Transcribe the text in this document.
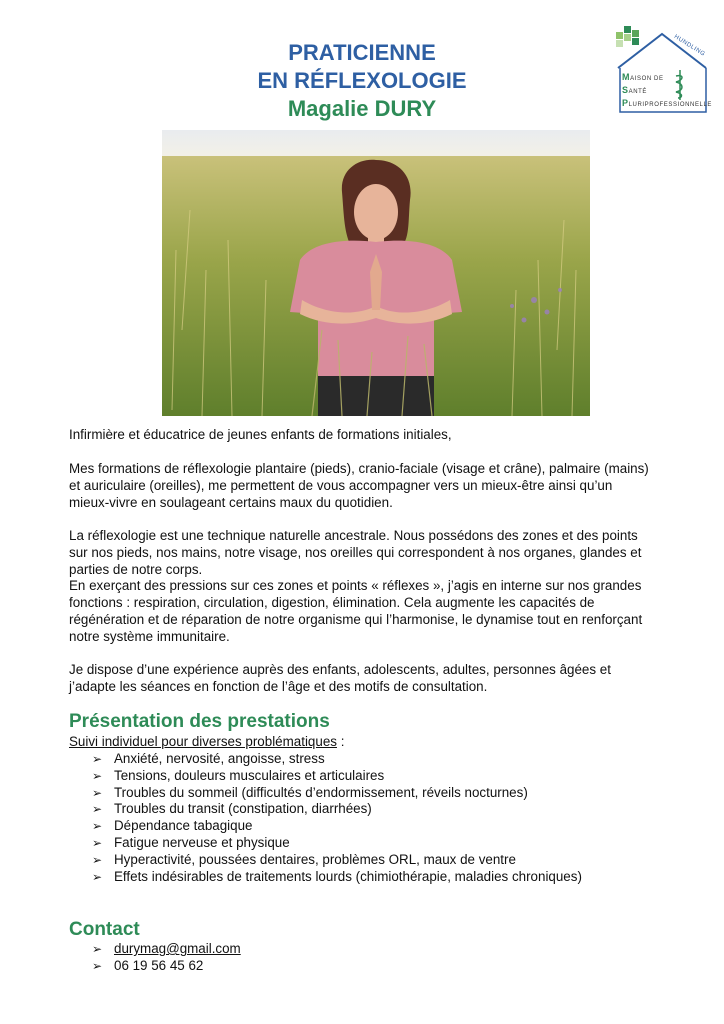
PRATICIENNE
EN RÉFLEXOLOGIE
Magalie DURY
HUNDLING
MAISON DE
SANTÉ
PLURIPROFESSIONNELLE

Infirmière et éducatrice de jeunes enfants de formations initiales,

Mes formations de réflexologie plantaire (pieds), cranio-faciale (visage et crâne), palmaire (mains) et auriculaire (oreilles), me permettent de vous accompagner vers un mieux-être ainsi qu’un mieux-vivre en soulageant certains maux du quotidien.

La réflexologie est une technique naturelle ancestrale. Nous possédons des zones et des points sur nos pieds, nos mains, notre visage, nos oreilles qui correspondent à nos organes, glandes et parties de notre corps.
En exerçant des pressions sur ces zones et points « réflexes », j’agis en interne sur nos grandes fonctions : respiration, circulation, digestion, élimination. Cela augmente les capacités de régénération et de réparation de notre organisme qui l’harmonise, le dynamise tout en renforçant notre système immunitaire.

Je dispose d’une expérience auprès des enfants, adolescents, adultes, personnes âgées et j’adapte les séances en fonction de l’âge et des motifs de consultation.

Présentation des prestations
Suivi individuel pour diverses problématiques :
➢ Anxiété, nervosité, angoisse, stress
➢ Tensions, douleurs musculaires et articulaires
➢ Troubles du sommeil (difficultés d’endormissement, réveils nocturnes)
➢ Troubles du transit (constipation, diarrhées)
➢ Dépendance tabagique
➢ Fatigue nerveuse et physique
➢ Hyperactivité, poussées dentaires, problèmes ORL, maux de ventre
➢ Effets indésirables de traitements lourds (chimiothérapie, maladies chroniques)
Contact
➢ durymag@gmail.com
➢ 06 19 56 45 62
